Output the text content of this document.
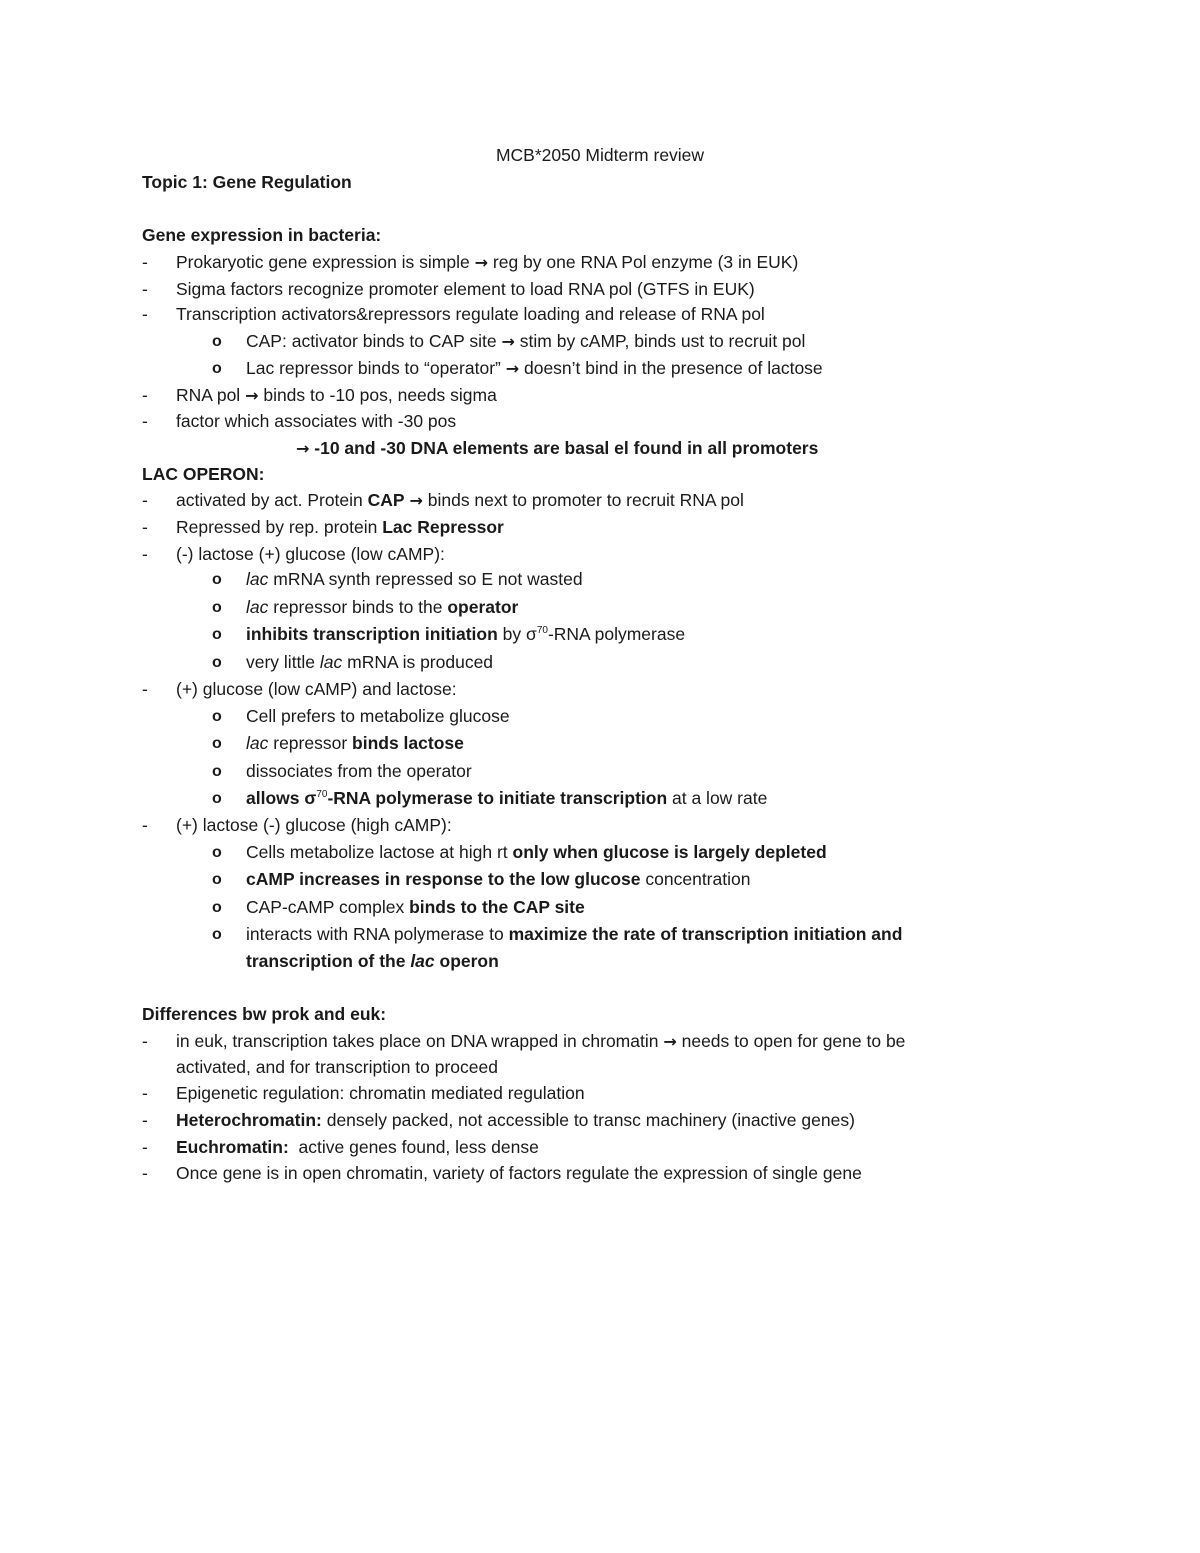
MCB*2050 Midterm review
Topic 1: Gene Regulation
Gene expression in bacteria:
- Prokaryotic gene expression is simple → reg by one RNA Pol enzyme (3 in EUK)
- Sigma factors recognize promoter element to load RNA pol (GTFS in EUK)
- Transcription activators&repressors regulate loading and release of RNA pol
o CAP: activator binds to CAP site → stim by cAMP, binds ust to recruit pol
o Lac repressor binds to “operator” → doesn’t bind in the presence of lactose
- RNA pol → binds to -10 pos, needs sigma
- factor which associates with -30 pos
→ -10 and -30 DNA elements are basal el found in all promoters
LAC OPERON:
- activated by act. Protein CAP → binds next to promoter to recruit RNA pol
- Repressed by rep. protein Lac Repressor
- (-) lactose (+) glucose (low cAMP):
o lac mRNA synth repressed so E not wasted
o lac repressor binds to the operator
o inhibits transcription initiation by $\sigma^{70}$-RNA polymerase
o very little lac mRNA is produced
- (+) glucose (low cAMP) and lactose:
o Cell prefers to metabolize glucose
o lac repressor binds lactose
o dissociates from the operator
o allows $\sigma^{70}$-RNA polymerase to initiate transcription at a low rate
- (+) lactose (-) glucose (high cAMP):
o Cells metabolize lactose at high rt only when glucose is largely depleted
o cAMP increases in response to the low glucose concentration
o CAP-cAMP complex binds to the CAP site
o interacts with RNA polymerase to maximize the rate of transcription initiation and
transcription of the lac operon
Differences bw prok and euk:
- in euk, transcription takes place on DNA wrapped in chromatin → needs to open for gene to be
activated, and for transcription to proceed
- Epigenetic regulation: chromatin mediated regulation
- Heterochromatin: densely packed, not accessible to transc machinery (inactive genes)
- Euchromatin:  active genes found, less dense
- Once gene is in open chromatin, variety of factors regulate the expression of single gene
